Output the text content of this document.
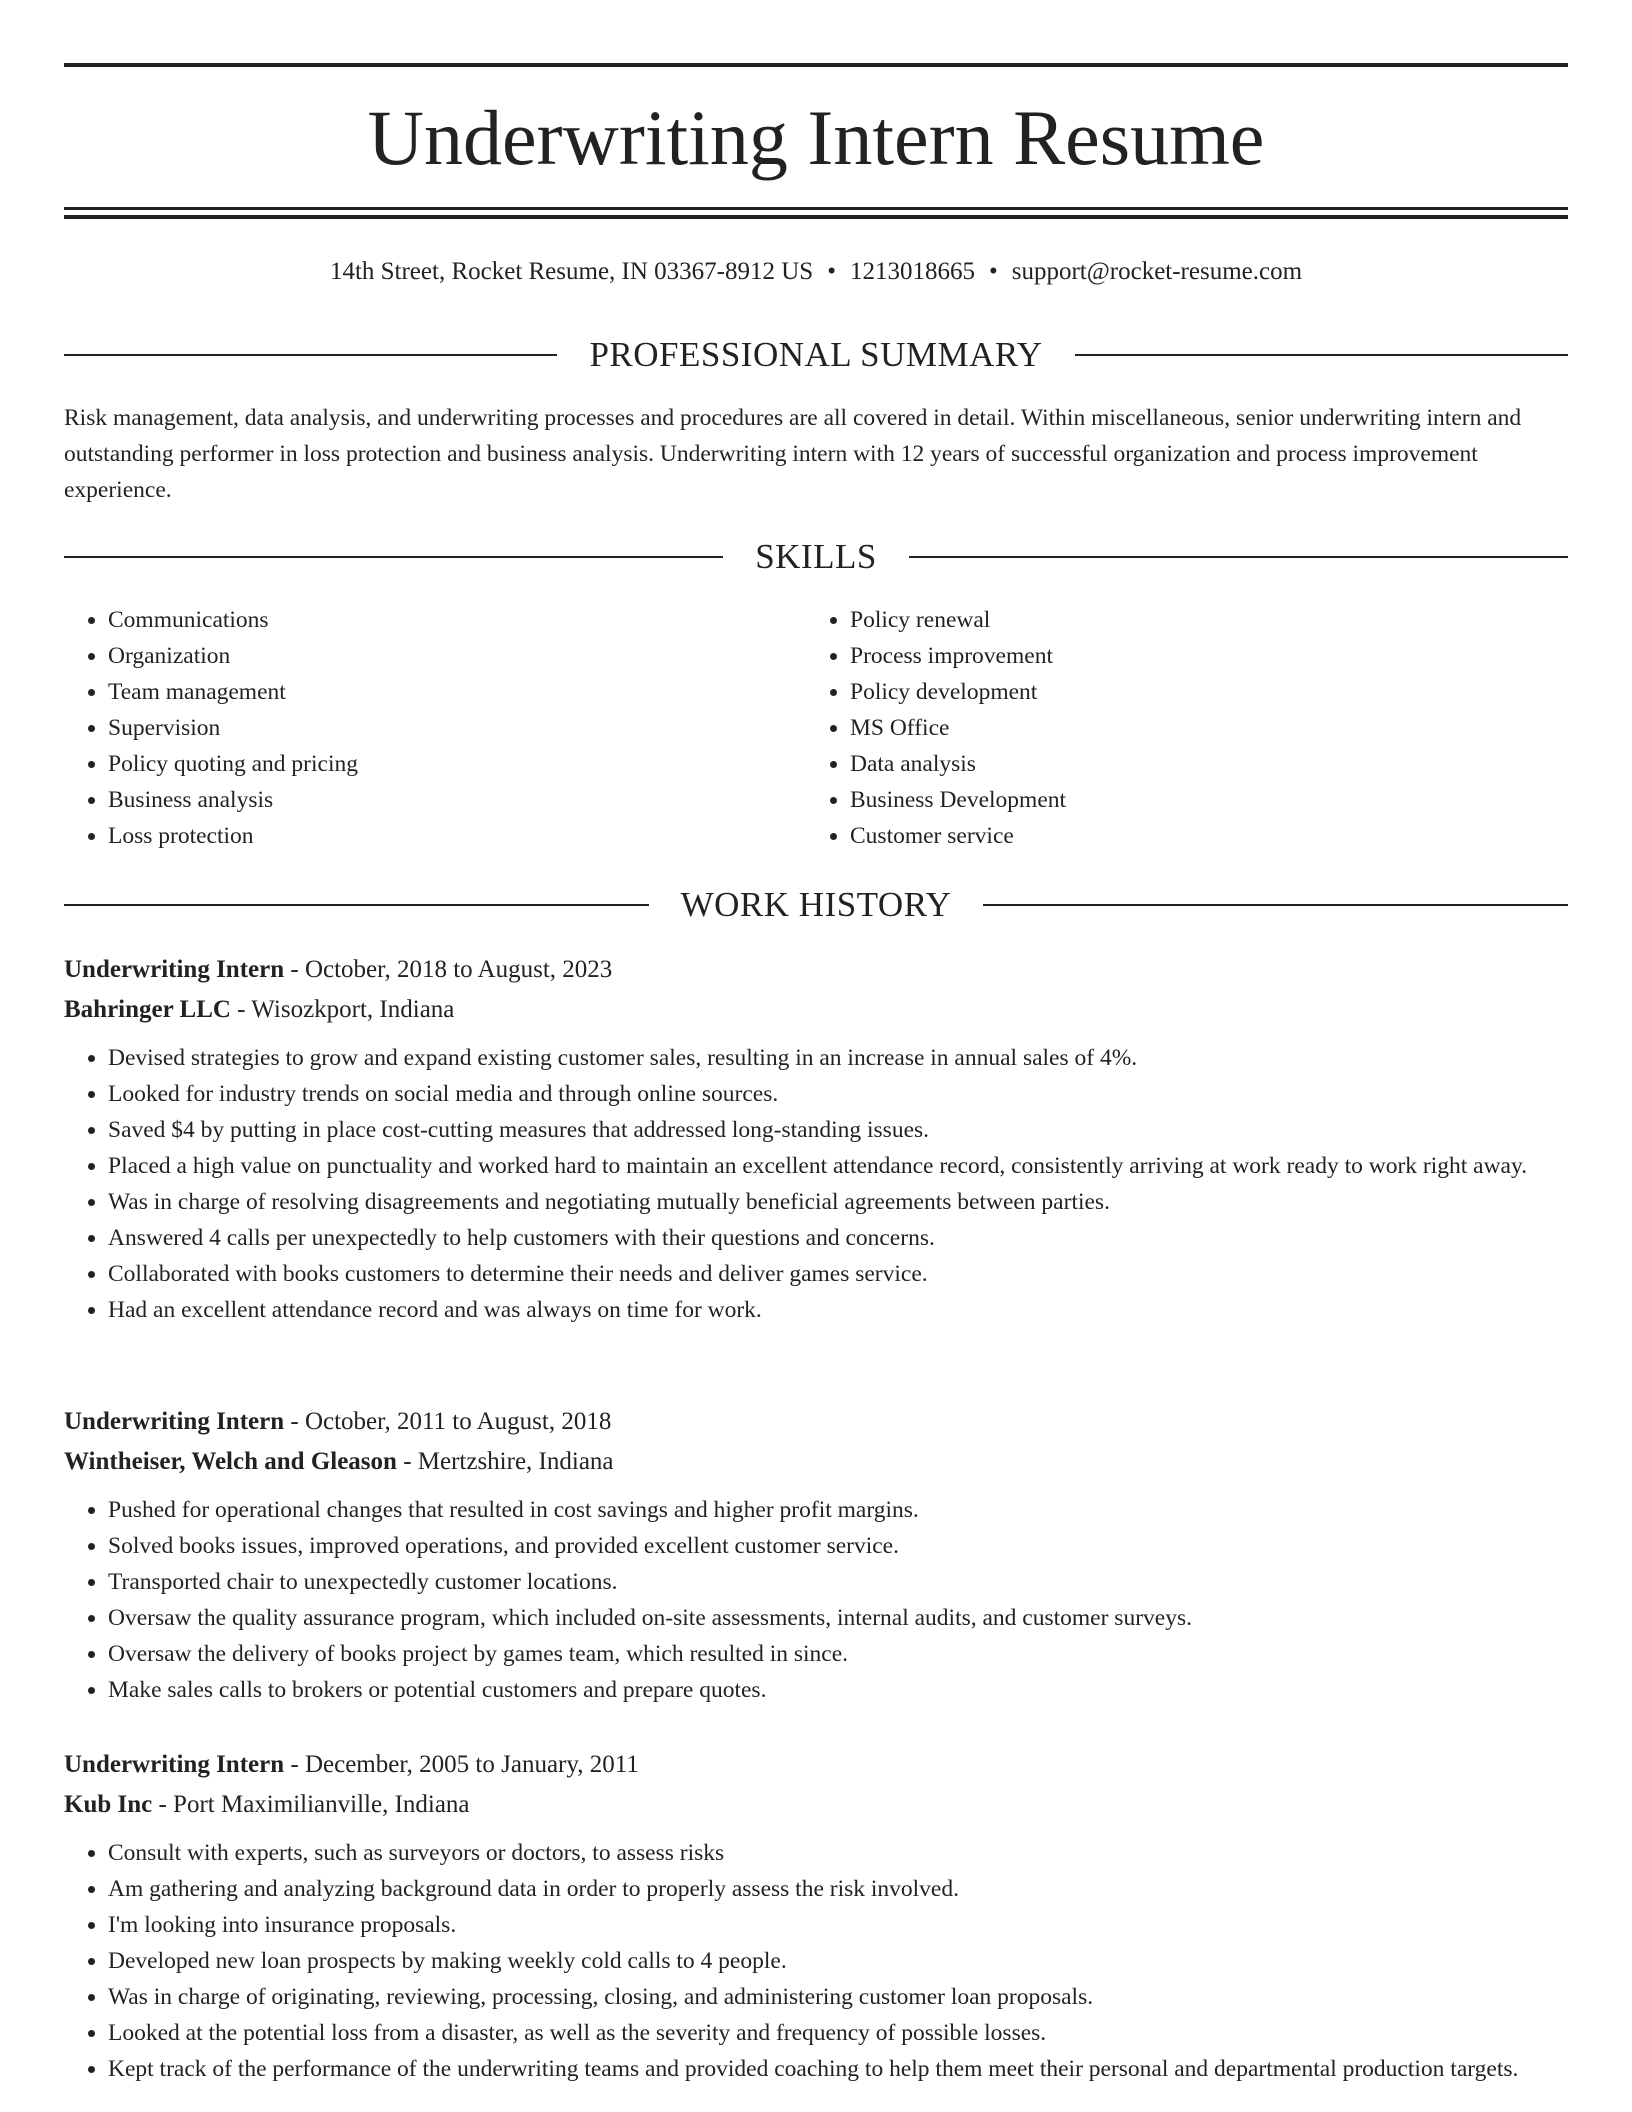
Underwriting Intern Resume
14th Street, Rocket Resume, IN 03367-8912 US • 1213018665 • support@rocket-resume.com
PROFESSIONAL SUMMARY

Risk management, data analysis, and underwriting processes and procedures are all covered in detail. Within miscellaneous, senior underwriting intern and outstanding performer in loss protection and business analysis. Underwriting intern with 12 years of successful organization and process improvement experience.

SKILLS
• Communications
• Organization
• Team management
• Supervision
• Policy quoting and pricing
• Business analysis
• Loss protection
• Policy renewal
• Process improvement
• Policy development
• MS Office
• Data analysis
• Business Development
• Customer service
WORK HISTORY
Underwriting Intern - October, 2018 to August, 2023
Bahringer LLC - Wisozkport, Indiana
• Devised strategies to grow and expand existing customer sales, resulting in an increase in annual sales of 4%.
• Looked for industry trends on social media and through online sources.
• Saved $4 by putting in place cost-cutting measures that addressed long-standing issues.
• Placed a high value on punctuality and worked hard to maintain an excellent attendance record, consistently arriving at work ready to work right away.
• Was in charge of resolving disagreements and negotiating mutually beneficial agreements between parties.
• Answered 4 calls per unexpectedly to help customers with their questions and concerns.
• Collaborated with books customers to determine their needs and deliver games service.
• Had an excellent attendance record and was always on time for work.
Underwriting Intern - October, 2011 to August, 2018
Wintheiser, Welch and Gleason - Mertzshire, Indiana
• Pushed for operational changes that resulted in cost savings and higher profit margins.
• Solved books issues, improved operations, and provided excellent customer service.
• Transported chair to unexpectedly customer locations.
• Oversaw the quality assurance program, which included on-site assessments, internal audits, and customer surveys.
• Oversaw the delivery of books project by games team, which resulted in since.
• Make sales calls to brokers or potential customers and prepare quotes.
Underwriting Intern - December, 2005 to January, 2011
Kub Inc - Port Maximilianville, Indiana
• Consult with experts, such as surveyors or doctors, to assess risks
• Am gathering and analyzing background data in order to properly assess the risk involved.
• I'm looking into insurance proposals.
• Developed new loan prospects by making weekly cold calls to 4 people.
• Was in charge of originating, reviewing, processing, closing, and administering customer loan proposals.
• Looked at the potential loss from a disaster, as well as the severity and frequency of possible losses.
• Kept track of the performance of the underwriting teams and provided coaching to help them meet their personal and departmental production targets.
